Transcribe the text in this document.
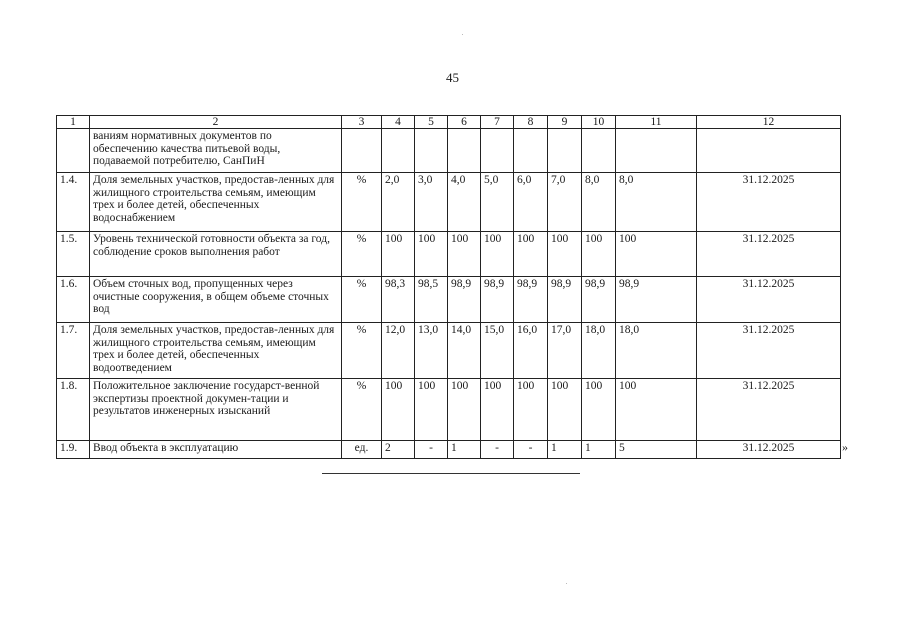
45
1	2	3	4	5	6	7	8	9	10	11	12
	ваниям нормативных документов по обеспечению качества питьевой воды, подаваемой потребителю, СанПиН										
1.4.	Доля земельных участков, предостав-ленных для жилищного строительства семьям, имеющим трех и более детей, обеспеченных водоснабжением	%	2,0	3,0	4,0	5,0	6,0	7,0	8,0	8,0	31.12.2025
1.5.	Уровень технической готовности объекта за год, соблюдение сроков выполнения работ	%	100	100	100	100	100	100	100	100	31.12.2025
1.6.	Объем сточных вод, пропущенных через очистные сооружения, в общем объеме сточных вод	%	98,3	98,5	98,9	98,9	98,9	98,9	98,9	98,9	31.12.2025
1.7.	Доля земельных участков, предостав-ленных для жилищного строительства семьям, имеющим трех и более детей, обеспеченных водоотведением	%	12,0	13,0	14,0	15,0	16,0	17,0	18,0	18,0	31.12.2025
1.8.	Положительное заключение государст-венной экспертизы проектной докумен-тации и результатов инженерных изысканий	%	100	100	100	100	100	100	100	100	31.12.2025
1.9.	Ввод объекта в эксплуатацию	ед.	2	-	1	-	-	1	1	5	31.12.2025	»
